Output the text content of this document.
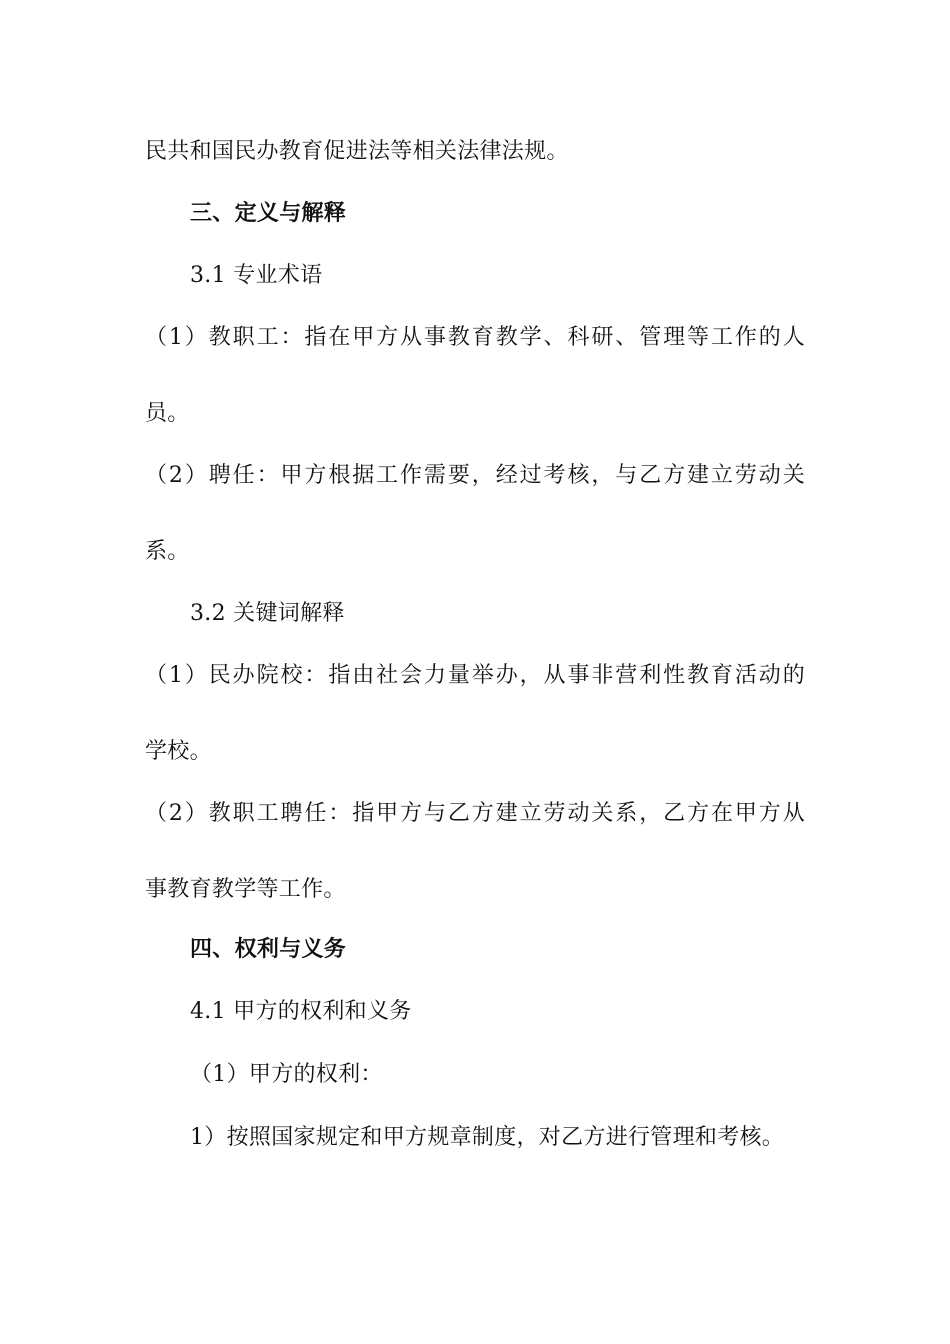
民共和国民办教育促进法等相关法律法规。
三、定义与解释
3.1 专业术语
（1）教职工：指在甲方从事教育教学、科研、管理等工作的人
员。
（2）聘任：甲方根据工作需要，经过考核，与乙方建立劳动关
系。
3.2 关键词解释
（1）民办院校：指由社会力量举办，从事非营利性教育活动的
学校。
（2）教职工聘任：指甲方与乙方建立劳动关系，乙方在甲方从
事教育教学等工作。
四、权利与义务
4.1 甲方的权利和义务
（1）甲方的权利：
1）按照国家规定和甲方规章制度，对乙方进行管理和考核。
